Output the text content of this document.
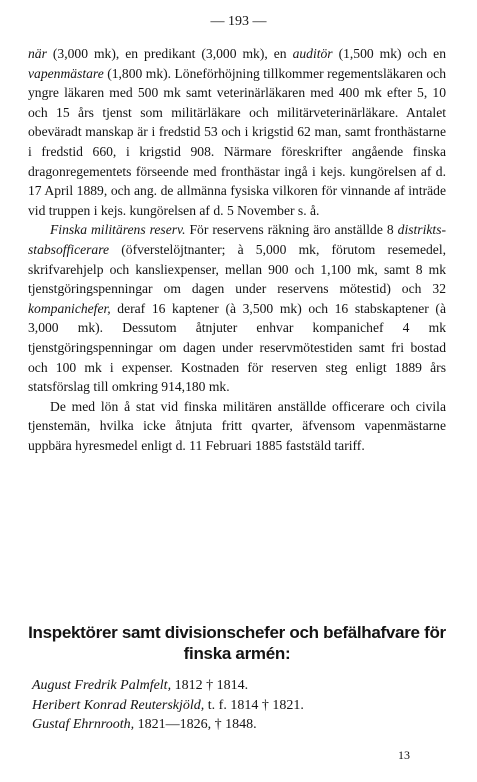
— 193 —

när (3,000 mk), en predikant (3,000 mk), en auditör (1,500 mk) och en vapenmästare (1,800 mk). Löneförhöjning tillkommer regementsläkaren och yngre läkaren med 500 mk samt veterinärläkaren med 400 mk efter 5, 10 och 15 års tjenst som militärläkare och militärveterinärläkare. Antalet obeväradt manskap är i fredstid 53 och i krigstid 62 man, samt fronthästarne i fredstid 660, i krigstid 908. Närmare föreskrifter angående finska dragonregementets förseende med fronthästar ingå i kejs. kungörelsen af d. 17 April 1889, och ang. de allmänna fysiska vilkoren för vinnande af inträde vid truppen i kejs. kungörelsen af d. 5 November s. å.

Finska militärens reserv. För reservens räkning äro anställde 8 distrikts-stabsofficerare (öfverstelöjtnanter; à 5,000 mk, förutom resemedel, skrifvarehjelp och kansliexpenser, mellan 900 och 1,100 mk, samt 8 mk tjenstgöringspenningar om dagen under reservens mötestid) och 32 kompanichefer, deraf 16 kaptener (à 3,500 mk) och 16 stabskaptener (à 3,000 mk). Dessutom åtnjuter enhvar kompanichef 4 mk tjenstgöringspenningar om dagen under reservmötestiden samt fri bostad och 100 mk i expenser. Kostnaden för reserven steg enligt 1889 års statsförslag till omkring 914,180 mk.

De med lön å stat vid finska militären anställde officerare och civila tjenstemän, hvilka icke åtnjuta fritt qvarter, äfvensom vapenmästarne uppbära hyresmedel enligt d. 11 Februari 1885 faststäld tariff.

Inspektörer samt divisionschefer och befälhafvare för
finska armén:
August Fredrik Palmfelt, 1812 † 1814.
Heribert Konrad Reuterskjöld, t. f. 1814 † 1821.
Gustaf Ehrnrooth, 1821—1826, † 1848.
13
